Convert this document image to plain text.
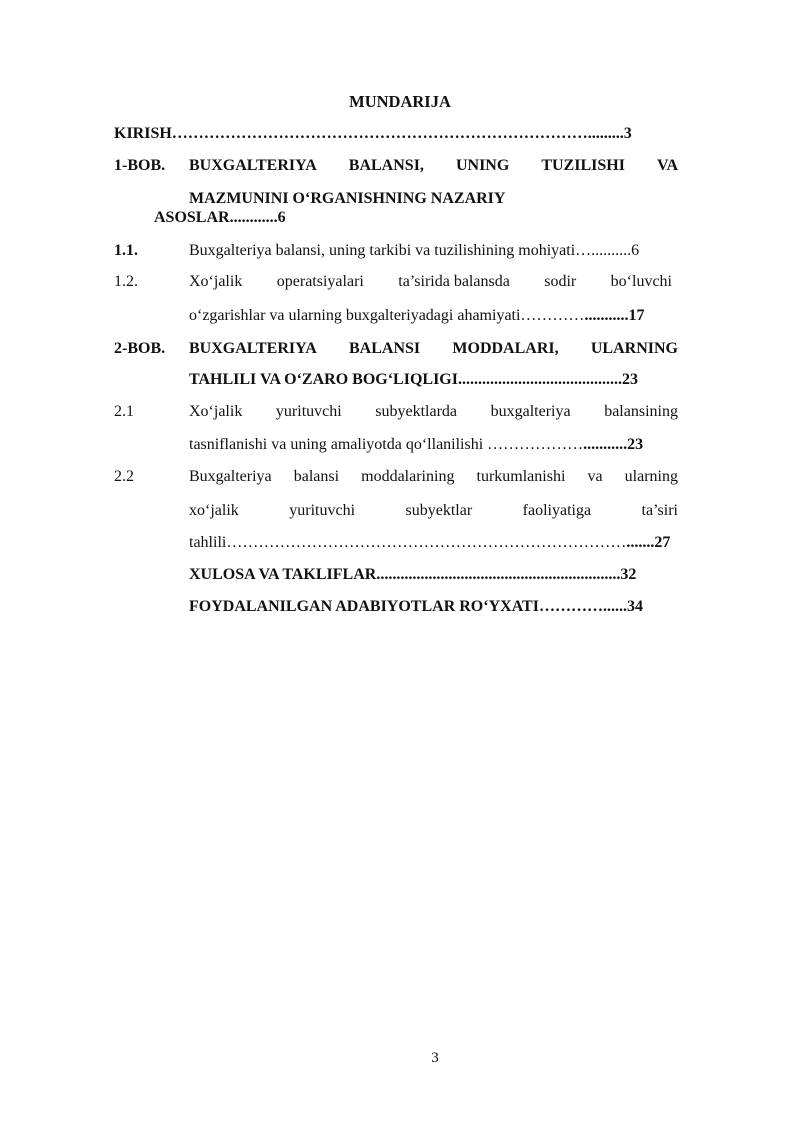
MUNDARIJA
KIRISH…………………………………………………………………….........3
1-BOB. BUXGALTERIYA BALANSI, UNING TUZILISHI VA
MAZMUNINI O‘RGANISHNING NAZARIY
ASOSLAR............6
1.1.	Buxgalteriya balansi, uning tarkibi va tuzilishining mohiyati…..........6
1.2.	Xo‘jalik operatsiyalari ta’sirida balansda sodir bo‘luvchi
o‘zgarishlar va ularning buxgalteriyadagi ahamiyati…………...........17
2-BOB. BUXGALTERIYA BALANSI MODDALARI, ULARNING
TAHLILI VA O‘ZARO BOG‘LIQLIGI.........................................23
2.1	Xo‘jalik yurituvchi subyektlarda buxgalteriya balansining
tasniflanishi va uning amaliyotda qo‘llanilishi ………………...........23
2.2	Buxgalteriya balansi moddalarining turkumlanishi va ularning
xo‘jalik	yurituvchi	subyektlar	faoliyatiga	ta’siri
tahlili………………………………………………………………….......27
XULOSA VA TAKLIFLAR.............................................................32
FOYDALANILGAN ADABIYOTLAR RO‘YXATI…………......34
3
